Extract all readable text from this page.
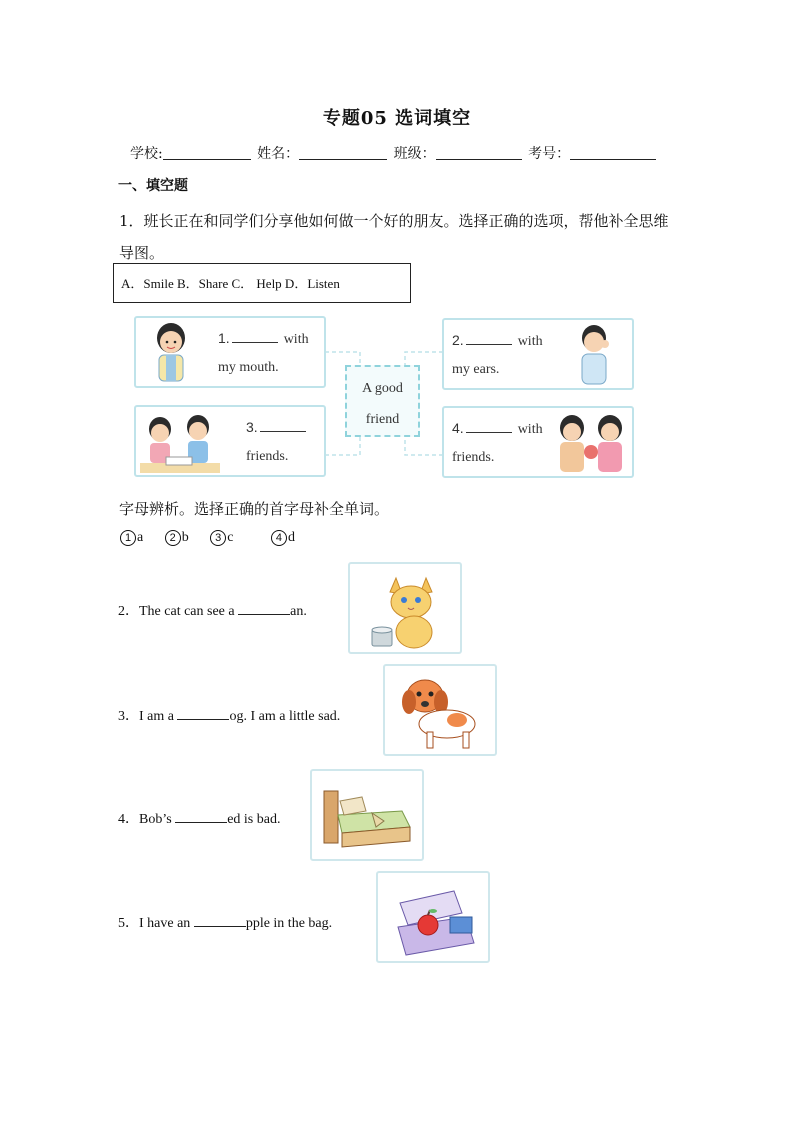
专题05 选词填空
学校:	姓名：	班级：	考号：
一、填空题
1．班长正在和同学们分享他如何做一个好的朋友。选择正确的选项，帮他补全思维导图。
A．Smile B．Share C． Help D．Listen
1.	with
my mouth.
2.	with
my ears.
A good
friend
3.
friends.
4.	with
friends.
字母辨析。选择正确的首字母补全单词。
1 a 2 b 3 c	4 d
2．The cat can see a	an.
3．I am a	og. I am a little sad.
4．Bob’s	ed is bad.
5．I have an	pple in the bag.
